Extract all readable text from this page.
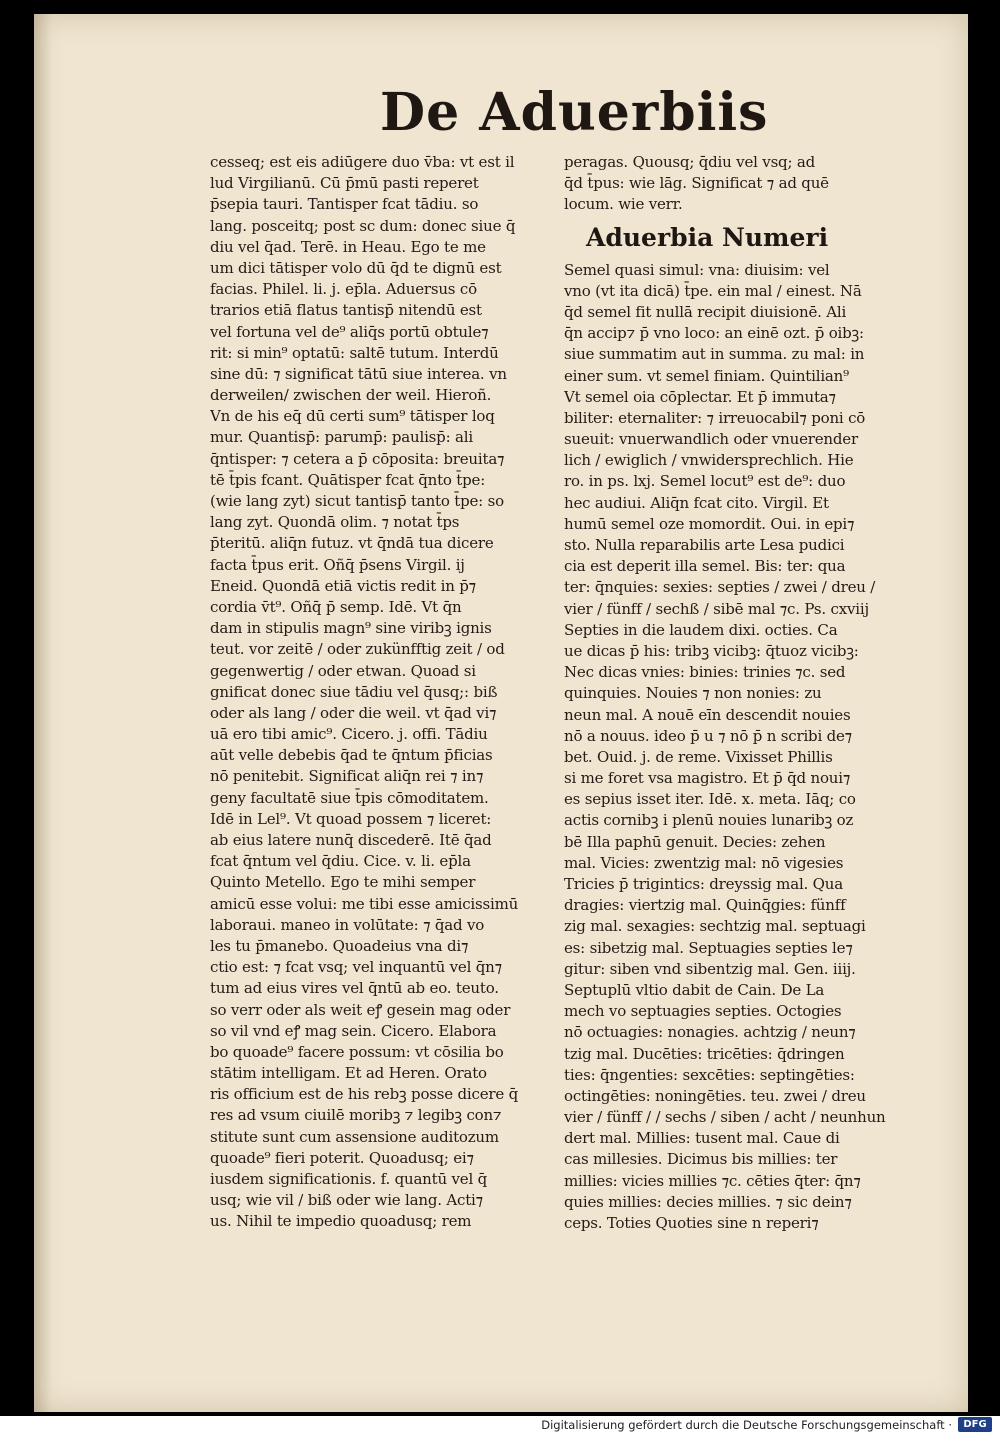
De Aduerbiis
cesseq; est eis adiūgere duo v̄ba: vt est il
lud Virgilianū. Cū p̄mū pasti reperet
p̄sepia tauri. Tantisper fcat tādiu. so
lang. posceitq; post sc dum: donec siue q̄
diu vel q̄ad. Terē. in Heau. Ego te me
um dici tātisper volo dū q̄d te dignū est
facias. Philel. li. j. ep̄la. Aduersus cō
trarios etiā flatus tantisp̄ nitendū est
vel fortuna vel de⁹ aliq̄s portū obtule⁊
rit: si min⁹ optatū: saltē tutum. Interdū
sine dū: ⁊ significat tātū siue interea. vn
derweilen/ zwischen der weil. Hieroñ.
Vn de his eq̄ dū certi sum⁹ tātisper loq
mur. Quantisp̄: parump̄: paulisp̄: ali
q̄ntisper: ⁊ cetera a p̄ cōposita: breuita⁊
tē t̄pis fcant. Quātisper fcat q̄nto t̄pe:
(wie lang zyt) sicut tantisp̄ tanto t̄pe: so
lang zyt. Quondā olim. ⁊ notat t̄ps
p̄teritū. aliq̄n futuz. vt q̄ndā tua dicere
facta t̄pus erit. Oñq̄ p̄sens Virgil. ij
Eneid. Quondā etiā victis redit in p̄⁊
cordia v̄t⁹. Oñq̄ p̄ semp. Idē. Vt q̄n
dam in stipulis magn⁹ sine viribꝫ ignis
teut. vor zeitē / oder zukünfftig zeit / od
gegenwertig / oder etwan. Quoad si
gnificat donec siue tādiu vel q̄usq;: biß
oder als lang / oder die weil. vt q̄ad vi⁊
uā ero tibi amic⁹. Cicero. j. offi. Tādiu
aūt velle debebis q̄ad te q̄ntum p̄ficias
nō penitebit. Significat aliq̄n rei ⁊ in⁊
geny facultatē siue t̄pis cōmoditatem.
Idē in Lel⁹. Vt quoad possem ⁊ liceret:
ab eius latere nunq̄ discederē. Itē q̄ad
fcat q̄ntum vel q̄diu. Cice. v. li. ep̄la
Quinto Metello. Ego te mihi semper
amicū esse volui: me tibi esse amicissimū
laboraui. maneo in volūtate: ⁊ q̄ad vo
les tu p̄manebo. Quoadeius vna di⁊
ctio est: ⁊ fcat vsq; vel inquantū vel q̄n⁊
tum ad eius vires vel q̄ntū ab eo. teuto.
so verr oder als weit eꝭ gesein mag oder
so vil vnd eꝭ mag sein. Cicero. Elabora
bo quoade⁹ facere possum: vt cōsilia bo
stātim intelligam. Et ad Heren. Orato
ris officium est de his rebꝫ posse dicere q̄
res ad vsum ciuilē moribꝫ ⁊ legibꝫ con⁊
stitute sunt cum assensione auditozum
quoade⁹ fieri poterit. Quoadusq; ei⁊
iusdem significationis. f. quantū vel q̄
usq; wie vil / biß oder wie lang. Acti⁊
us. Nihil te impedio quoadusq; rem
peragas. Quousq; q̄diu vel vsq; ad
q̄d t̄pus: wie lāg. Significat ⁊ ad quē
locum. wie verr.
Aduerbia Numeri
Semel quasi simul: vna: diuisim: vel
vno (vt ita dicā) t̄pe. ein mal / einest. Nā
q̄d semel fit nullā recipit diuisionē. Ali
q̄n accip⁊ p̄ vno loco: an einē ozt. p̄ oibꝫ:
siue summatim aut in summa. zu mal: in
einer sum. vt semel finiam. Quintilian⁹
Vt semel oia cōplectar. Et p̄ immuta⁊
biliter: eternaliter: ⁊ irreuocabil⁊ poni cō
sueuit: vnuerwandlich oder vnuerender
lich / ewiglich / vnwidersprechlich. Hie
ro. in ps. lxj. Semel locut⁹ est de⁹: duo
hec audiui. Aliq̄n fcat cito. Virgil. Et
humū semel oze momordit. Oui. in epi⁊
sto. Nulla reparabilis arte Lesa pudici
cia est deperit illa semel. Bis: ter: qua
ter: q̄nquies: sexies: septies / zwei / dreu /
vier / fünff / sechß / sibē mal ⁊c. Ps. cxviij
Septies in die laudem dixi. octies. Ca
ue dicas p̄ his: tribꝫ vicibꝫ: q̄tuoz vicibꝫ:
Nec dicas vnies: binies: trinies ⁊c. sed
quinquies. Nouies ⁊ non nonies: zu
neun mal. A nouē eīn descendit nouies
nō a nouus. ideo p̄ u ⁊ nō p̄ n scribi de⁊
bet. Ouid. j. de reme. Vixisset Phillis
si me foret vsa magistro. Et p̄ q̄d noui⁊
es sepius isset iter. Idē. x. meta. Iāq; co
actis cornibꝫ i plenū nouies lunaribꝫ oz
bē Illa paphū genuit. Decies: zehen
mal. Vicies: zwentzig mal: nō vigesies
Tricies p̄ trigintics: dreyssig mal. Qua
dragies: viertzig mal. Quinq̄gies: fünff
zig mal. sexagies: sechtzig mal. septuagi
es: sibetzig mal. Septuagies septies le⁊
gitur: siben vnd sibentzig mal. Gen. iiij.
Septuplū vltio dabit de Cain. De La
mech vo septuagies septies. Octogies
nō octuagies: nonagies. achtzig / neun⁊
tzig mal. Ducēties: tricēties: q̄dringen
ties: q̄ngenties: sexcēties: septingēties:
octingēties: noningēties. teu. zwei / dreu
vier / fünff / / sechs / siben / acht / neunhun
dert mal. Millies: tusent mal. Caue di
cas millesies. Dicimus bis millies: ter
millies: vicies millies ⁊c. cēties q̄ter: q̄n⁊
quies millies: decies millies. ⁊ sic dein⁊
ceps. Toties Quoties sine n reperi⁊
Digitalisierung gefördert durch die Deutsche Forschungsgemeinschaft ·	DFG
